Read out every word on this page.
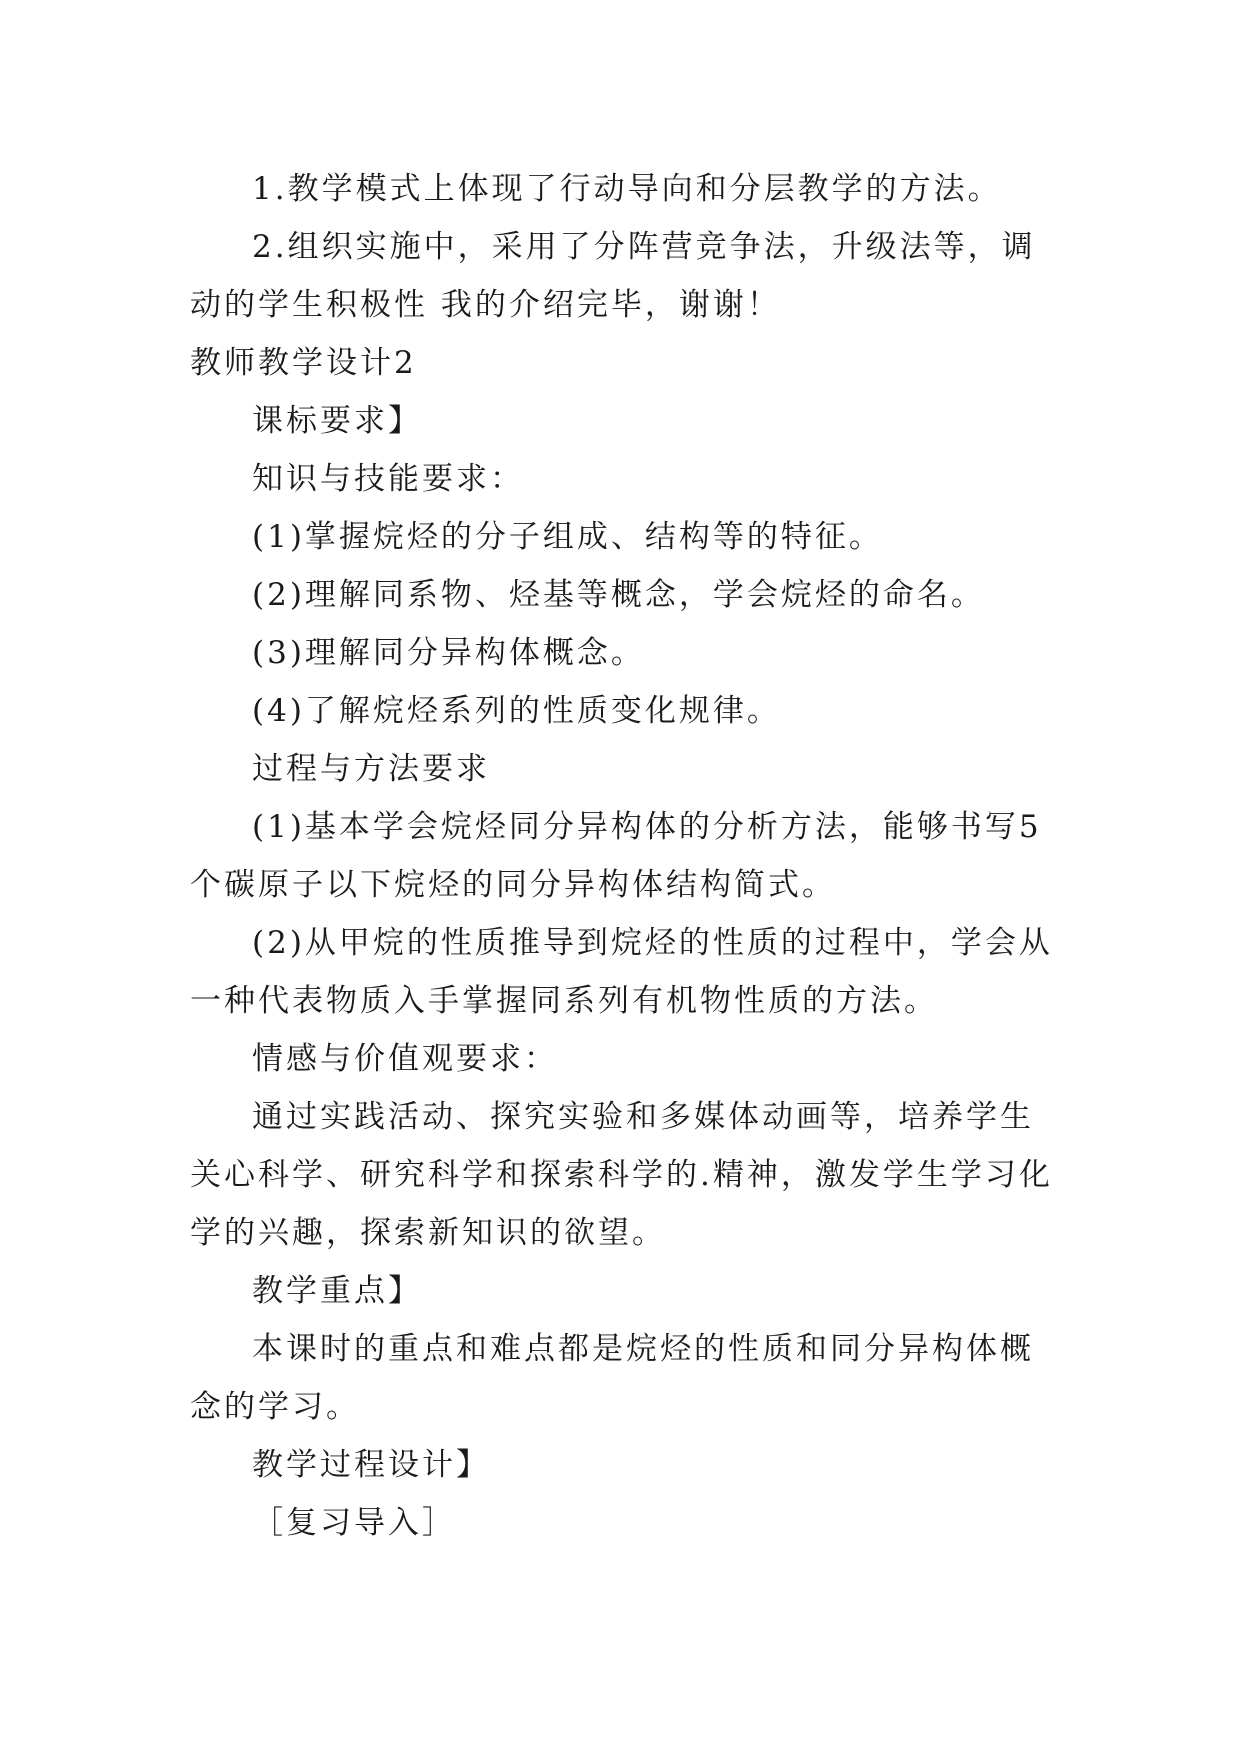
1.教学模式上体现了行动导向和分层教学的方法。

2.组织实施中，采用了分阵营竞争法，升级法等，调动的学生积极性 我的介绍完毕，谢谢！

教师教学设计2

课标要求】

知识与技能要求：

(1)掌握烷烃的分子组成、结构等的特征。

(2)理解同系物、烃基等概念，学会烷烃的命名。

(3)理解同分异构体概念。

(4)了解烷烃系列的性质变化规律。

过程与方法要求

(1)基本学会烷烃同分异构体的分析方法，能够书写5个碳原子以下烷烃的同分异构体结构简式。

(2)从甲烷的性质推导到烷烃的性质的过程中，学会从一种代表物质入手掌握同系列有机物性质的方法。

情感与价值观要求：

通过实践活动、探究实验和多媒体动画等，培养学生关心科学、研究科学和探索科学的.精神，激发学生学习化学的兴趣，探索新知识的欲望。

教学重点】

本课时的重点和难点都是烷烃的性质和同分异构体概念的学习。

教学过程设计】

［复习导入］
